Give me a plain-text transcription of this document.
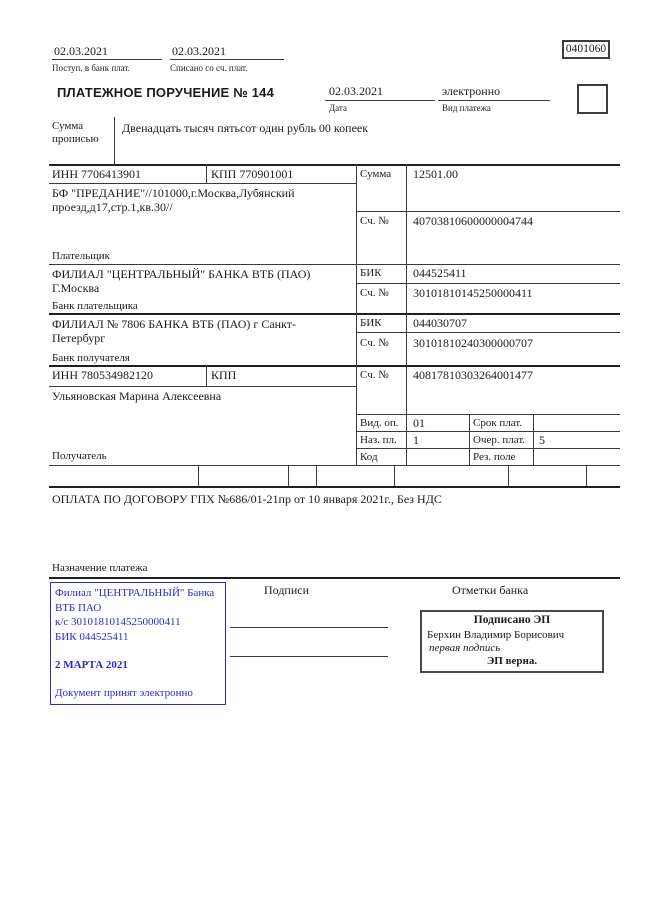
02.03.2021
Поступ. в банк плат.
02.03.2021
Списано со сч. плат.
0401060
ПЛАТЕЖНОЕ ПОРУЧЕНИЕ № 144	02.03.2021
Дата
электронно
Вид платежа
Сумма прописью
Двенадцать тысяч пятьсот один рубль 00 копеек
ИНН 7706413901	КПП 770901001	Сумма 12501.00
БФ "ПРЕДАНИЕ"//101000,г.Москва,Лубянский проезд,д17,стр.1,кв.30//
Плательщик
Сч. № 40703810600000004744
ФИЛИАЛ "ЦЕНТРАЛЬНЫЙ" БАНКА ВТБ (ПАО) Г.Москва
Банк плательщика
БИК	044525411
Сч. № 30101810145250000411
ФИЛИАЛ № 7806 БАНКА ВТБ (ПАО) г Санкт-Петербург
Банк получателя
БИК	044030707
Сч. № 30101810240300000707
ИНН 780534982120	КПП	Сч. № 40817810303264001477
Ульяновская Марина Алексеевна
Получатель
Вид. оп. 01	Срок плат.
Наз. пл. 1	Очер. плат. 5
Код	Рез. поле
ОПЛАТА ПО ДОГОВОРУ ГПХ №686/01-21пр от 10 января 2021г., Без НДС
Назначение платежа
Филиал "ЦЕНТРАЛЬНЫЙ" Банка
ВТБ ПАО
к/с 30101810145250000411
БИК 044525411
2 МАРТА 2021
Документ принят электронно
Подписи	Отметки банка
Подписано ЭП
Берхин Владимир Борисович
первая подпись
ЭП верна.
